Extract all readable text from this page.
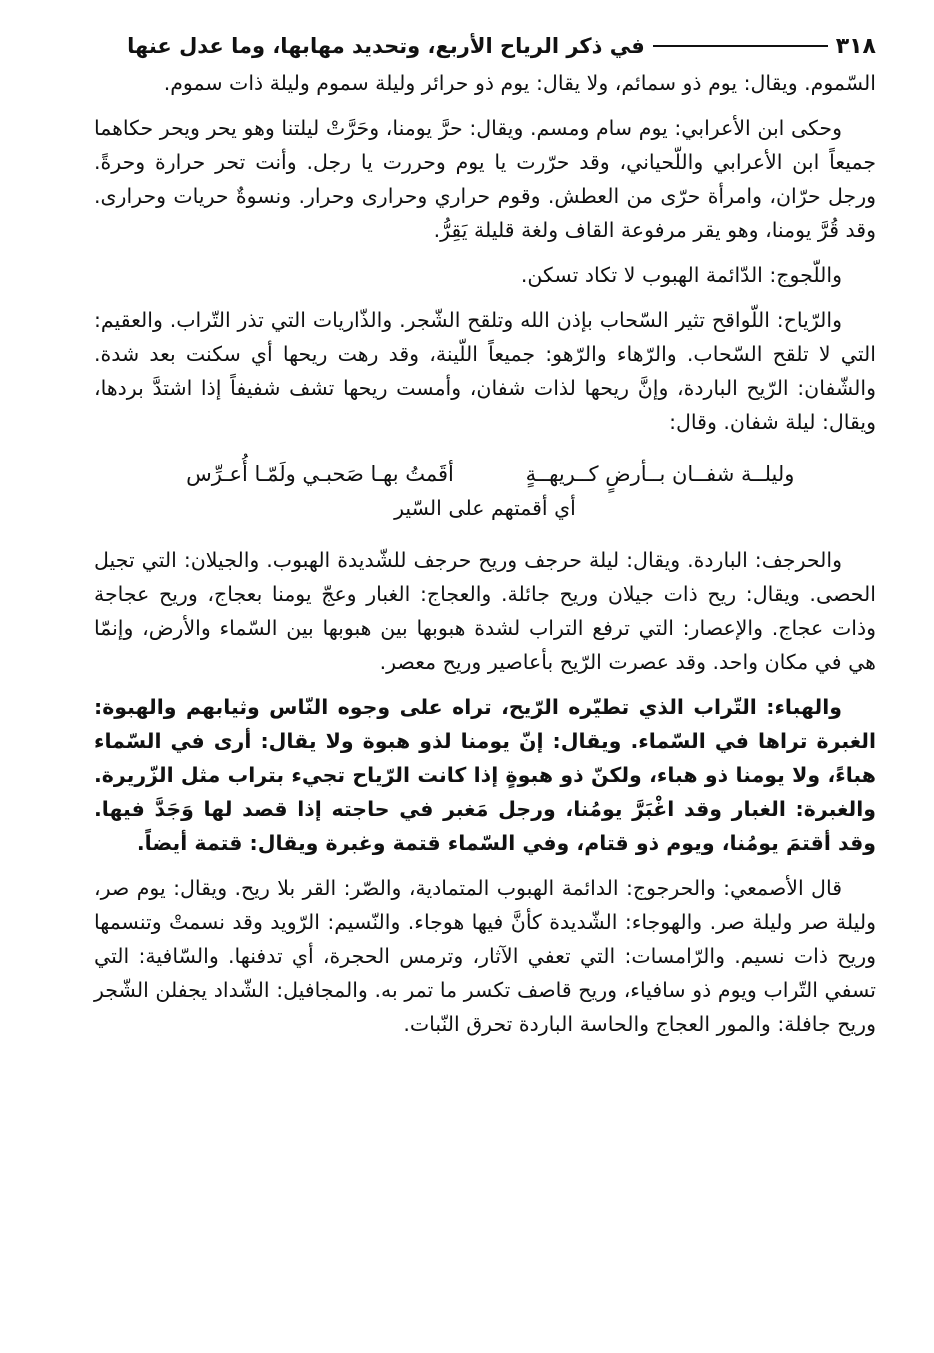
٣١٨
في ذكر الرياح الأربع، وتحديد مهابها، وما عدل عنها

السّموم. ويقال: يوم ذو سمائم، ولا يقال: يوم ذو حرائر وليلة سموم وليلة ذات سموم.

وحكى ابن الأعرابي: يوم سام ومسم. ويقال: حرَّ يومنا، وحَرَّتْ ليلتنا وهو يحر ويحر حكاهما جميعاً ابن الأعرابي واللّحياني، وقد حرّرت يا يوم وحررت يا رجل. وأنت تحر حرارة وحرةً. ورجل حرّان، وامرأة حرّى من العطش. وقوم حراري وحرارى وحرار. ونسوةٌ حريات وحرارى. وقد قُرَّ يومنا، وهو يقر مرفوعة القاف ولغة قليلة يَقِرُّ.

واللّجوج: الدّائمة الهبوب لا تكاد تسكن.

والرّياح: اللّواقح تثير السّحاب بإذن الله وتلقح الشّجر. والذّاريات التي تذر التّراب. والعقيم: التي لا تلقح السّحاب. والرّهاء والرّهو: جميعاً اللّينة، وقد رهت ريحها أي سكنت بعد شدة. والشّفان: الرّيح الباردة، وإنَّ ريحها لذات شفان، وأمست ريحها تشف شفيفاً إذا اشتدَّ بردها، ويقال: ليلة شفان. وقال:

وليلــة شفــان بــأرضٍ كــريهــةٍ
أقَمتُ بهـا صَحبـي ولَمّـا أُعـرِّس
أي أقمتهم على السّير

والحرجف: الباردة. ويقال: ليلة حرجف وريح حرجف للشّديدة الهبوب. والجيلان: التي تجيل الحصى. ويقال: ريح ذات جيلان وريح جائلة. والعجاج: الغبار وعجّ يومنا بعجاج، وريح عجاجة وذات عجاج. والإعصار: التي ترفع التراب لشدة هبوبها بين هبوبها بين السّماء والأرض، وإنمّا هي في مكان واحد. وقد عصرت الرّيح بأعاصير وريح معصر.

والهباء: التّراب الذي تطيّره الرّيح، تراه على وجوه النّاس وثيابهم والهبوة: الغبرة تراها في السّماء. ويقال: إنّ يومنا لذو هبوة ولا يقال: أرى في السّماء هباءً، ولا يومنا ذو هباء، ولكنّ ذو هبوةٍ إذا كانت الرّياح تجيء بتراب مثل الزّريرة. والغبرة: الغبار وقد اغْبَرَّ يومُنا، ورجل مَغبر في حاجته إذا قصد لها وَجَدَّ فيها. وقد أقتمَ يومُنا، ويوم ذو قتام، وفي السّماء قتمة وغبرة ويقال: قتمة أيضاً.

قال الأصمعي: والحرجوج: الدائمة الهبوب المتمادية، والصّر: القر بلا ريح. ويقال: يوم صر، وليلة صر وليلة صر. والهوجاء: الشّديدة كأنَّ فيها هوجاء. والنّسيم: الرّويد وقد نسمتْ وتنسمها وريح ذات نسيم. والرّامسات: التي تعفي الآثار، وترمس الحجرة، أي تدفنها. والسّافية: التي تسفي التّراب ويوم ذو سافياء، وريح قاصف تكسر ما تمر به. والمجافيل: الشّداد يجفلن الشّجر وريح جافلة: والمور العجاج والحاسة الباردة تحرق النّبات.
